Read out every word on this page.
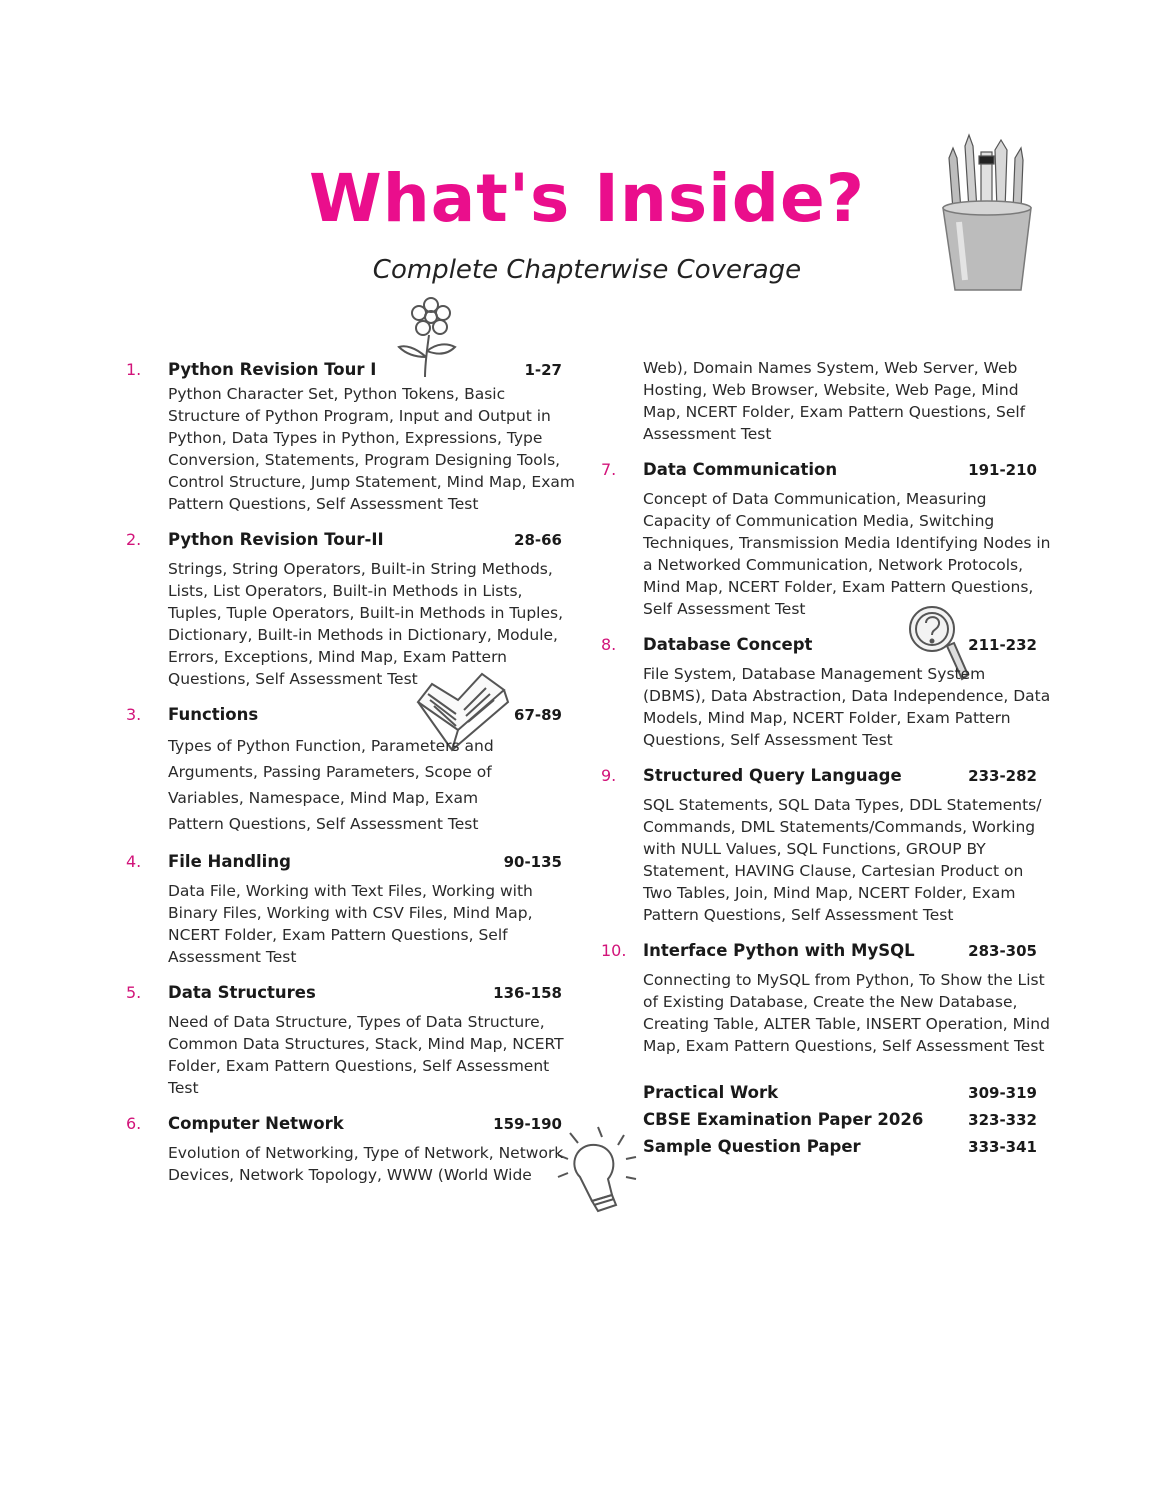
What's Inside?
Complete Chapterwise Coverage
1.	Python Revision Tour I	1-27
Python Character Set, Python Tokens, Basic Structure of Python Program, Input and Output in Python, Data Types in Python, Expressions, Type Conversion, Statements, Program Designing Tools, Control Structure, Jump Statement, Mind Map, Exam Pattern Questions, Self Assessment Test
2.	Python Revision Tour-II	28-66
Strings, String Operators, Built-in String Methods, Lists, List Operators, Built-in Methods in Lists, Tuples, Tuple Operators, Built-in Methods in Tuples, Dictionary, Built-in Methods in Dictionary, Module, Errors, Exceptions, Mind Map, Exam Pattern Questions, Self Assessment Test
3.	Functions	67-89
Types of Python Function, Parameters and Arguments, Passing Parameters, Scope of Variables, Namespace, Mind Map, Exam Pattern Questions, Self Assessment Test
4.	File Handling	90-135
Data File, Working with Text Files, Working with Binary Files, Working with CSV Files, Mind Map, NCERT Folder, Exam Pattern Questions, Self Assessment Test
5.	Data Structures	136-158
Need of Data Structure, Types of Data Structure, Common Data Structures, Stack, Mind Map, NCERT Folder, Exam Pattern Questions, Self Assessment Test
6.	Computer Network	159-190
Evolution of Networking, Type of Network, Network Devices, Network Topology, WWW (World Wide
Web), Domain Names System, Web Server, Web Hosting, Web Browser, Website, Web Page, Mind Map, NCERT Folder, Exam Pattern Questions, Self Assessment Test
7.	Data Communication	191-210
Concept of Data Communication, Measuring Capacity of Communication Media, Switching Techniques, Transmission Media Identifying Nodes in a Networked Communication, Network Protocols, Mind Map, NCERT Folder, Exam Pattern Questions, Self Assessment Test
8.	Database Concept	211-232
File System, Database Management System (DBMS), Data Abstraction, Data Independence, Data Models, Mind Map, NCERT Folder, Exam Pattern Questions, Self Assessment Test
9.	Structured Query Language	233-282
SQL Statements, SQL Data Types, DDL Statements/ Commands, DML Statements/Commands, Working with NULL Values, SQL Functions, GROUP BY Statement, HAVING Clause, Cartesian Product on Two Tables, Join, Mind Map, NCERT Folder, Exam Pattern Questions, Self Assessment Test
10.	Interface Python with MySQL	283-305
Connecting to MySQL from Python, To Show the List of Existing Database, Create the New Database, Creating Table, ALTER Table, INSERT Operation, Mind Map, Exam Pattern Questions, Self Assessment Test
Practical Work	309-319
CBSE Examination Paper 2026	323-332
Sample Question Paper	333-341
